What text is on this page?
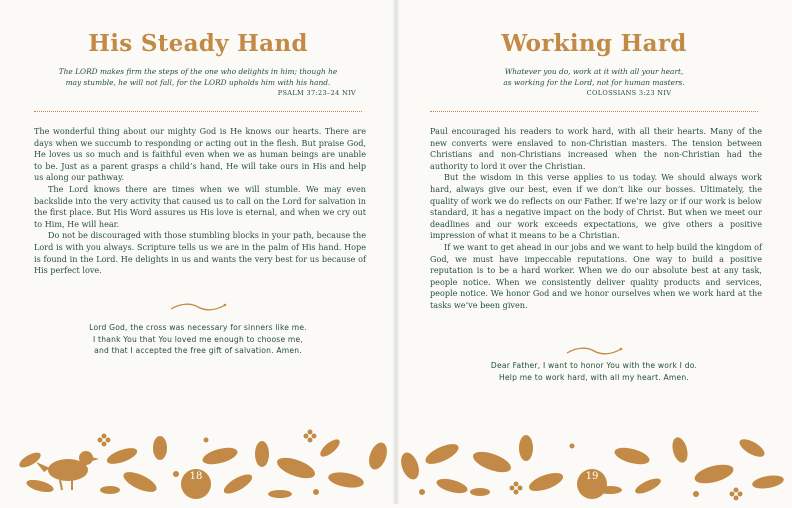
His Steady Hand
The LORD makes firm the steps of the one who delights in him; though he
may stumble, he will not fall, for the LORD upholds him with his hand.
PSALM 37:23–24 NIV

The wonderful thing about our mighty God is He knows our hearts. There are days when we succumb to responding or acting out in the flesh. But praise God, He loves us so much and is faithful even when we as human beings are unable to be. Just as a parent grasps a child’s hand, He will take ours in His and help us along our pathway.

The Lord knows there are times when we will stumble. We may even backslide into the very activity that caused us to call on the Lord for salvation in the first place. But His Word assures us His love is eternal, and when we cry out to Him, He will hear.

Do not be discouraged with those stumbling blocks in your path, because the Lord is with you always. Scripture tells us we are in the palm of His hand. Hope is found in the Lord. He delights in us and wants the very best for us because of His perfect love.

Lord God, the cross was necessary for sinners like me.
I thank You that You loved me enough to choose me,
and that I accepted the free gift of salvation. Amen.
18
Working Hard
Whatever you do, work at it with all your heart,
as working for the Lord, not for human masters.
COLOSSIANS 3:23 NIV

Paul encouraged his readers to work hard, with all their hearts. Many of the new converts were enslaved to non-Christian masters. The tension between Christians and non-Christians increased when the non-Christian had the authority to lord it over the Christian.

But the wisdom in this verse applies to us today. We should always work hard, always give our best, even if we don’t like our bosses. Ultimately, the quality of work we do reflects on our Father. If we’re lazy or if our work is below standard, it has a negative impact on the body of Christ. But when we meet our deadlines and our work exceeds expectations, we give others a positive impression of what it means to be a Christian.

If we want to get ahead in our jobs and we want to help build the kingdom of God, we must have impeccable reputations. One way to build a positive reputation is to be a hard worker. When we do our absolute best at any task, people notice. When we consistently deliver quality products and services, people notice. We honor God and we honor ourselves when we work hard at the tasks we’ve been given.

Dear Father, I want to honor You with the work I do.
Help me to work hard, with all my heart. Amen.
19
